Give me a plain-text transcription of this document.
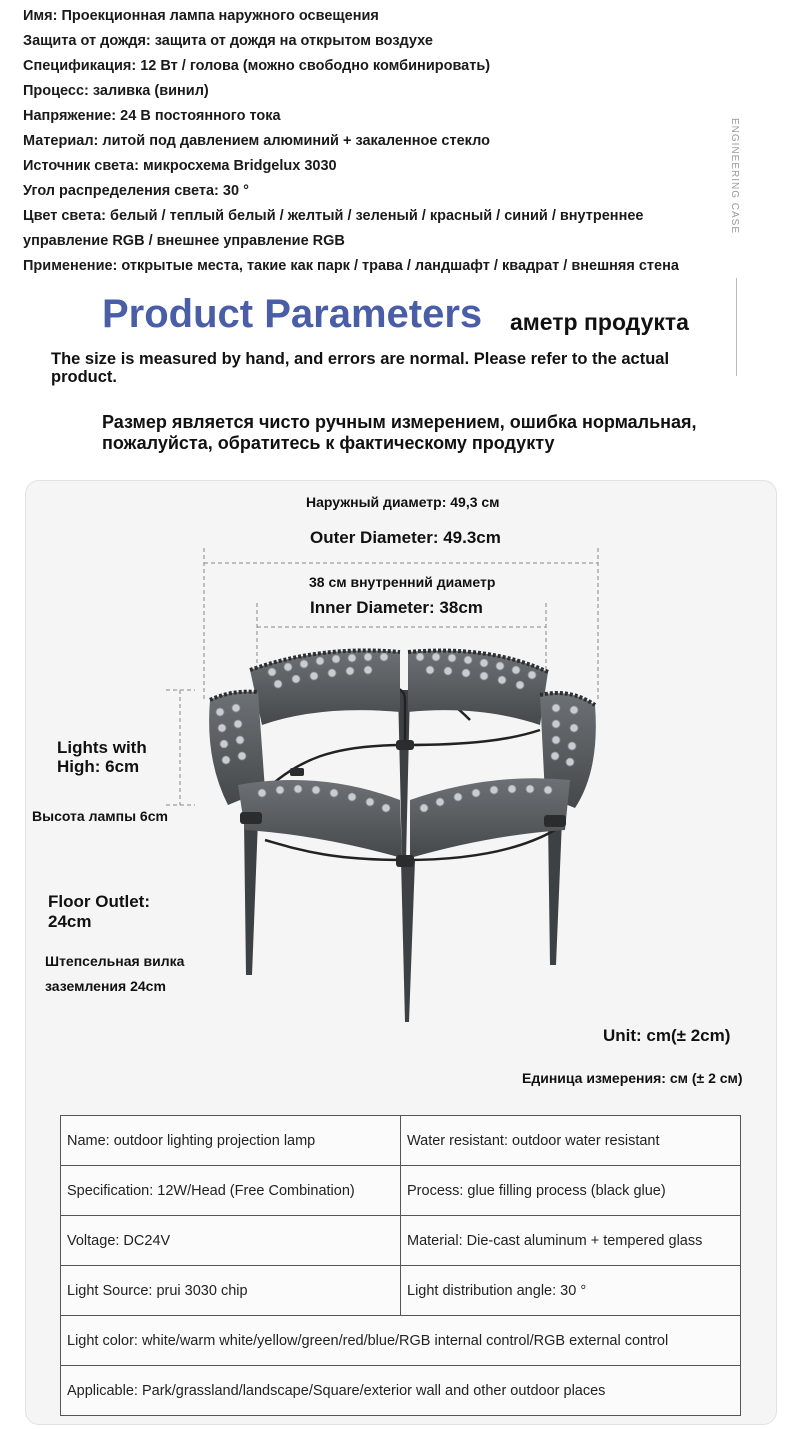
Имя: Проекционная лампа наружного освещения
Защита от дождя: защита от дождя на открытом воздухе
Спецификация: 12 Вт / голова (можно свободно комбинировать)
Процесс: заливка (винил)
Напряжение: 24 В постоянного тока
Материал: литой под давлением алюминий + закаленное стекло
Источник света: микросхема Bridgelux 3030
Угол распределения света: 30 °
Цвет света: белый / теплый белый / желтый / зеленый / красный / синий / внутреннее управление RGB / внешнее управление RGB
Применение: открытые места, такие как парк / трава / ландшафт / квадрат / внешняя стена
ENGINEERING CASE
Product Parameters аметр продукта
The size is measured by hand, and errors are normal. Please refer to the actual product.
Размер является чисто ручным измерением, ошибка нормальная, пожалуйста, обратитесь к фактическому продукту
Наружный диаметр: 49,3 см
Outer Diameter: 49.3cm
38 см внутренний диаметр
Inner Diameter: 38cm
Lights with
High: 6cm
Высота лампы 6cm
Floor Outlet:
24cm
Штепсельная вилка
заземления 24cm
Unit: cm(± 2cm)
Единица измерения: см (± 2 см)
Name: outdoor lighting projection lamp	Water resistant: outdoor water resistant
Specification: 12W/Head (Free Combination)	Process: glue filling process (black glue)
Voltage: DC24V	Material: Die-cast aluminum + tempered glass
Light Source: prui 3030 chip	Light distribution angle: 30 °
Light color: white/warm white/yellow/green/red/blue/RGB internal control/RGB external control	
Applicable: Park/grassland/landscape/Square/exterior wall and other outdoor places	
